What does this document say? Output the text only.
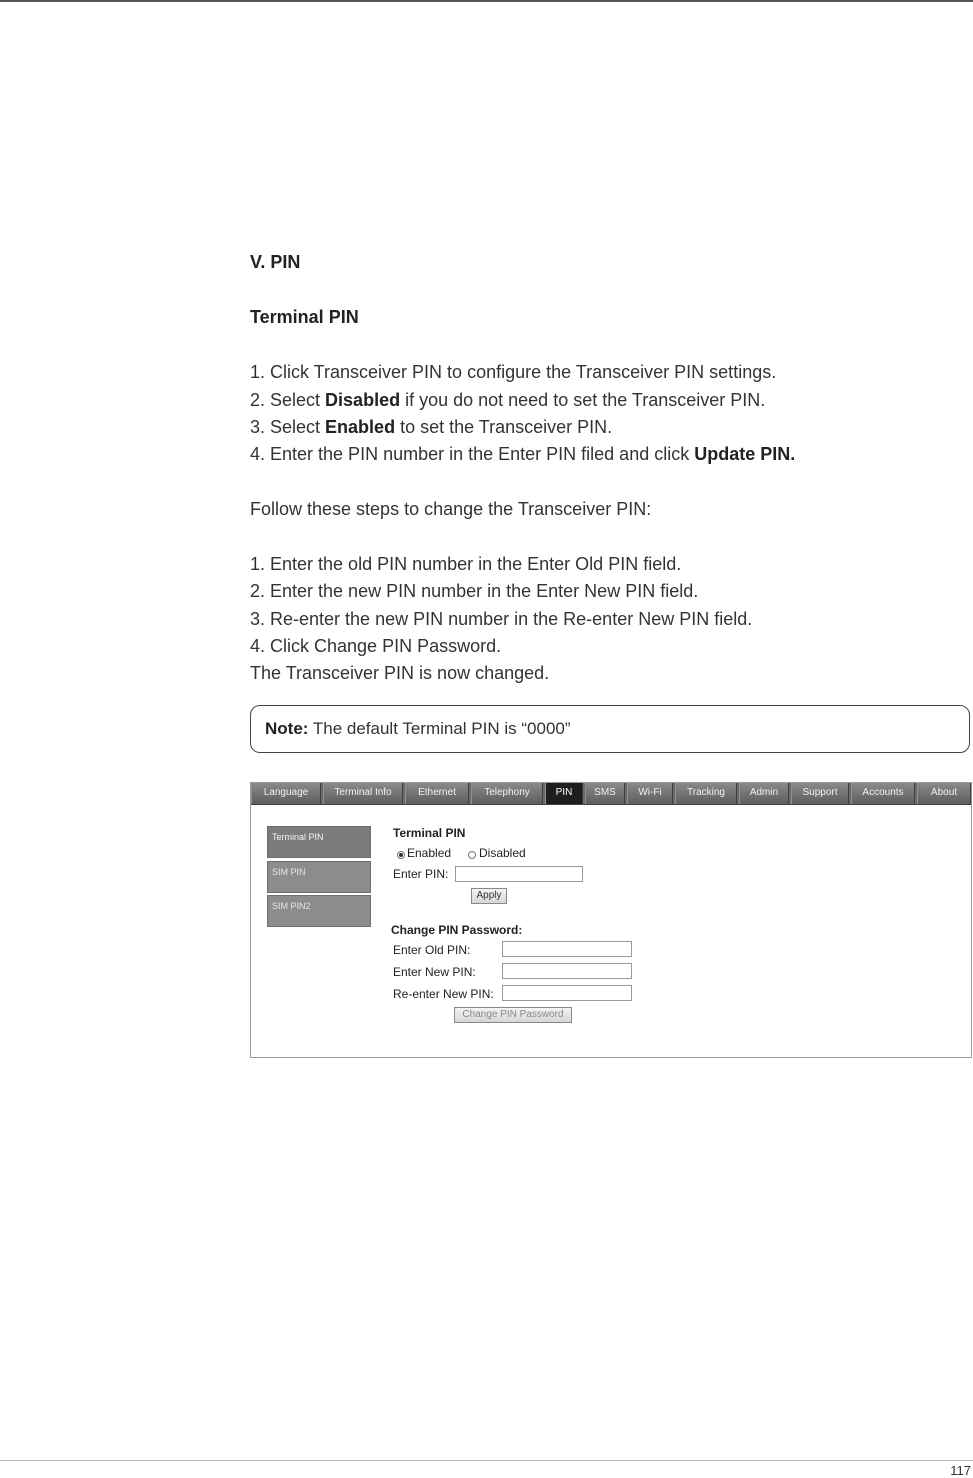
V. PIN
Terminal PIN

1. Click Transceiver PIN to configure the Transceiver PIN settings.

2. Select Disabled if you do not need to set the Transceiver PIN.

3. Select Enabled to set the Transceiver PIN.

4. Enter the PIN number in the Enter PIN filed and click Update PIN.

Follow these steps to change the Transceiver PIN:

1. Enter the old PIN number in the Enter Old PIN field.

2. Enter the new PIN number in the Enter New PIN field.

3. Re-enter the new PIN number in the Re-enter New PIN field.

4. Click Change PIN Password.

The Transceiver PIN is now changed.

Note: The default Terminal PIN is “0000”
Language	Terminal Info	Ethernet	Telephony	PIN	SMS	Wi-Fi	Tracking	Admin	Support	Accounts	About
Terminal PIN
SIM PIN
SIM PIN2
Terminal PIN
Enabled Disabled
Enter PIN:
Apply
Change PIN Password:
Enter Old PIN:
Enter New PIN:
Re-enter New PIN:
Change PIN Password
117
